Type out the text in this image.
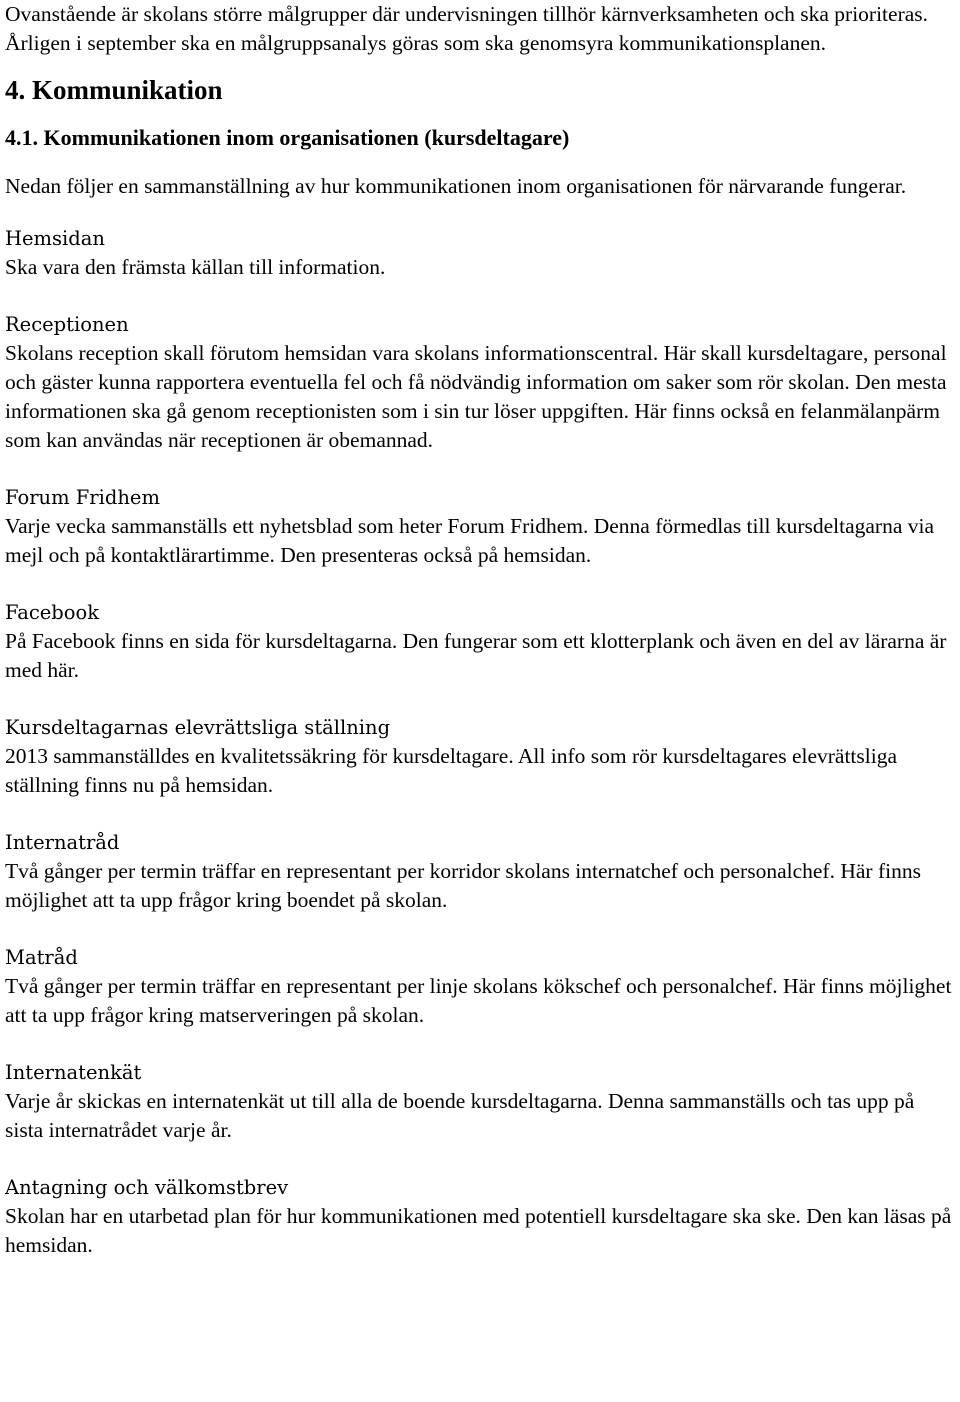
Ovanstående är skolans större målgrupper där undervisningen tillhör kärnverksamheten och ska prioriteras. Årligen i september ska en målgruppsanalys göras som ska genomsyra kommunikationsplanen.

4. Kommunikation
4.1. Kommunikationen inom organisationen (kursdeltagare)

Nedan följer en sammanställning av hur kommunikationen inom organisationen för närvarande fungerar.

Hemsidan

Ska vara den främsta källan till information.

Receptionen

Skolans reception skall förutom hemsidan vara skolans informationscentral. Här skall kursdeltagare, personal och gäster kunna rapportera eventuella fel och få nödvändig information om saker som rör skolan. Den mesta informationen ska gå genom receptionisten som i sin tur löser uppgiften. Här finns också en felanmälanpärm som kan användas när receptionen är obemannad.

Forum Fridhem

Varje vecka sammanställs ett nyhetsblad som heter Forum Fridhem. Denna förmedlas till kursdeltagarna via mejl och på kontaktlärartimme. Den presenteras också på hemsidan.

Facebook

På Facebook finns en sida för kursdeltagarna. Den fungerar som ett klotterplank och även en del av lärarna är med här.

Kursdeltagarnas elevrättsliga ställning

2013 sammanställdes en kvalitetssäkring för kursdeltagare. All info som rör kursdeltagares elevrättsliga ställning finns nu på hemsidan.

Internatråd

Två gånger per termin träffar en representant per korridor skolans internatchef och personalchef. Här finns möjlighet att ta upp frågor kring boendet på skolan.

Matråd

Två gånger per termin träffar en representant per linje skolans kökschef och personalchef. Här finns möjlighet att ta upp frågor kring matserveringen på skolan.

Internatenkät

Varje år skickas en internatenkät ut till alla de boende kursdeltagarna. Denna sammanställs och tas upp på sista internatrådet varje år.

Antagning och välkomstbrev

Skolan har en utarbetad plan för hur kommunikationen med potentiell kursdeltagare ska ske. Den kan läsas på hemsidan.
